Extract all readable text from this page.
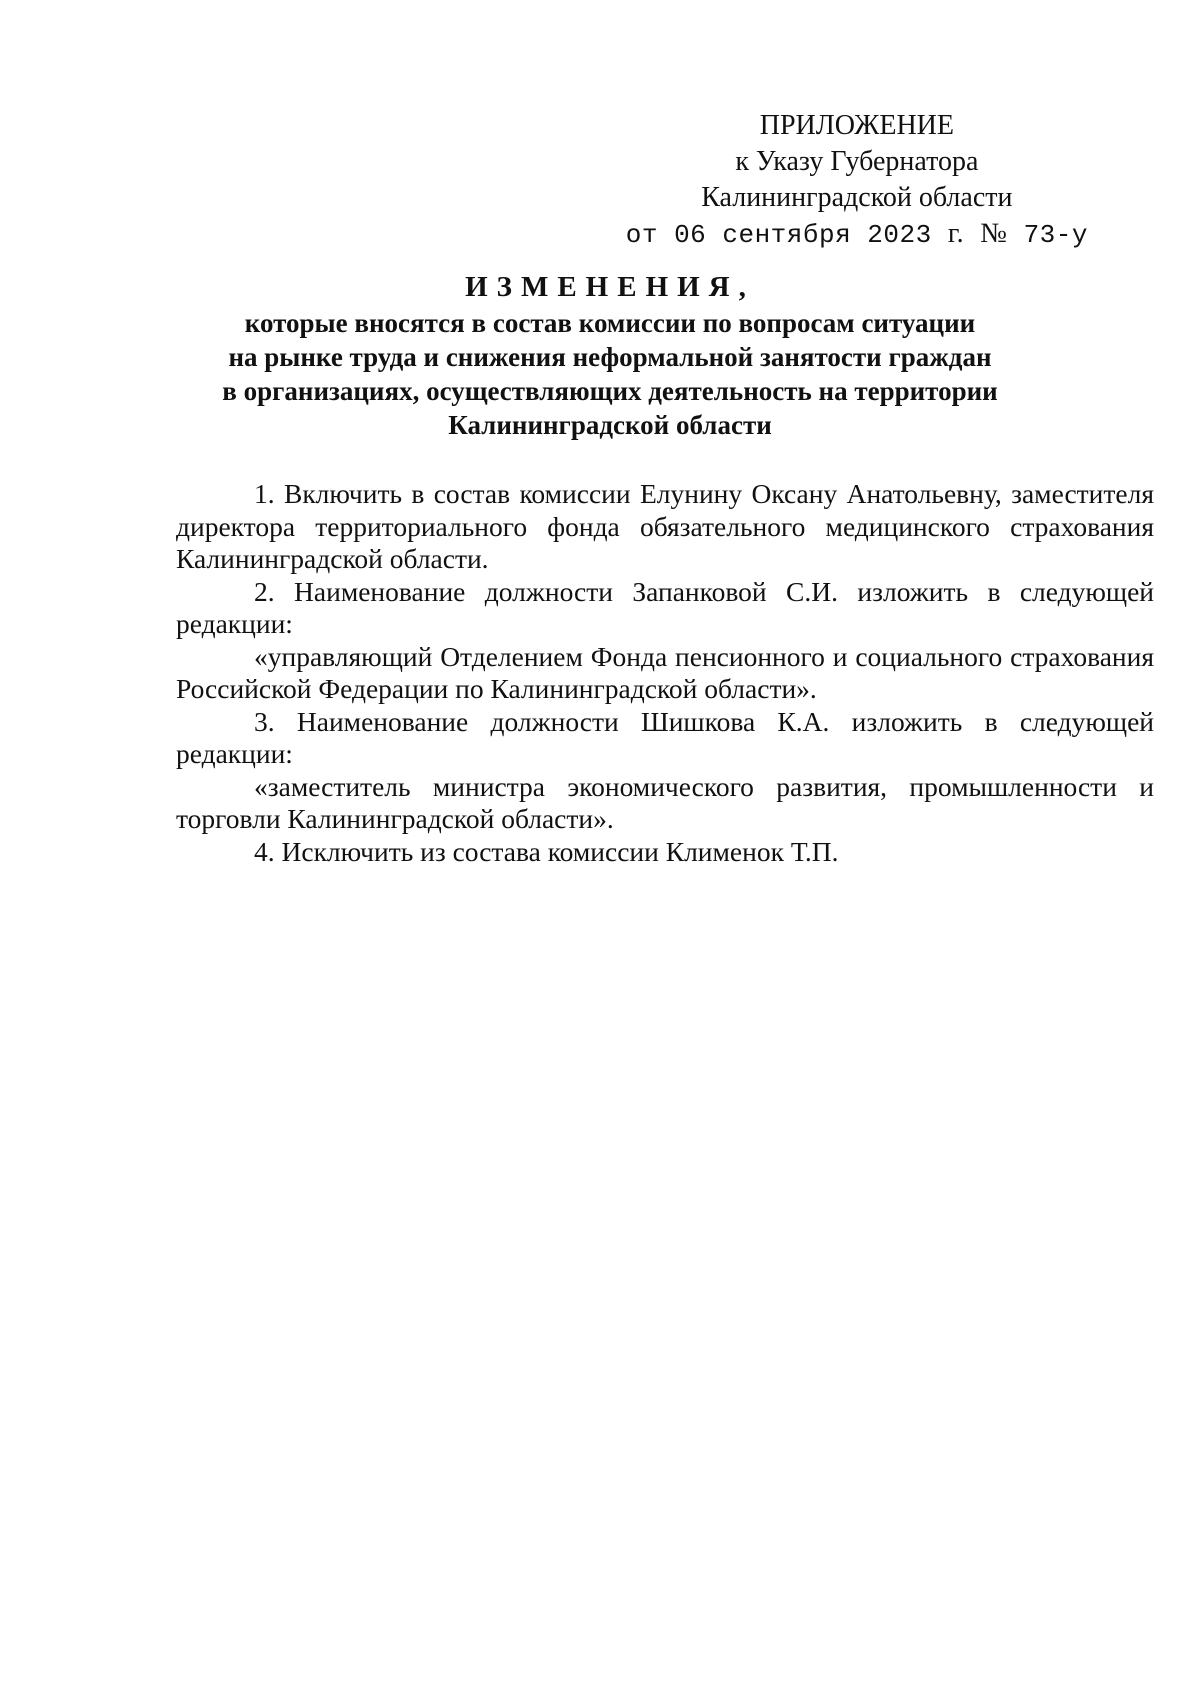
ПРИЛОЖЕНИЕ
к Указу Губернатора
Калининградской области
от 06 сентября 2023 г. № 73-у
ИЗМЕНЕНИЯ,
которые вносятся в состав комиссии по вопросам ситуации
на рынке труда и снижения неформальной занятости граждан
в организациях, осуществляющих деятельность на территории
Калининградской области

1. Включить в состав комиссии Елунину Оксану Анатольевну, заместителя директора территориального фонда обязательного медицинского страхования Калининградской области.

2. Наименование должности Запанковой С.И. изложить в следующей редакции:

«управляющий Отделением Фонда пенсионного и социального страхования Российской Федерации по Калининградской области».

3. Наименование должности Шишкова К.А. изложить в следующей редакции:

«заместитель министра экономического развития, промышленности и торговли Калининградской области».

4. Исключить из состава комиссии Клименок Т.П.
